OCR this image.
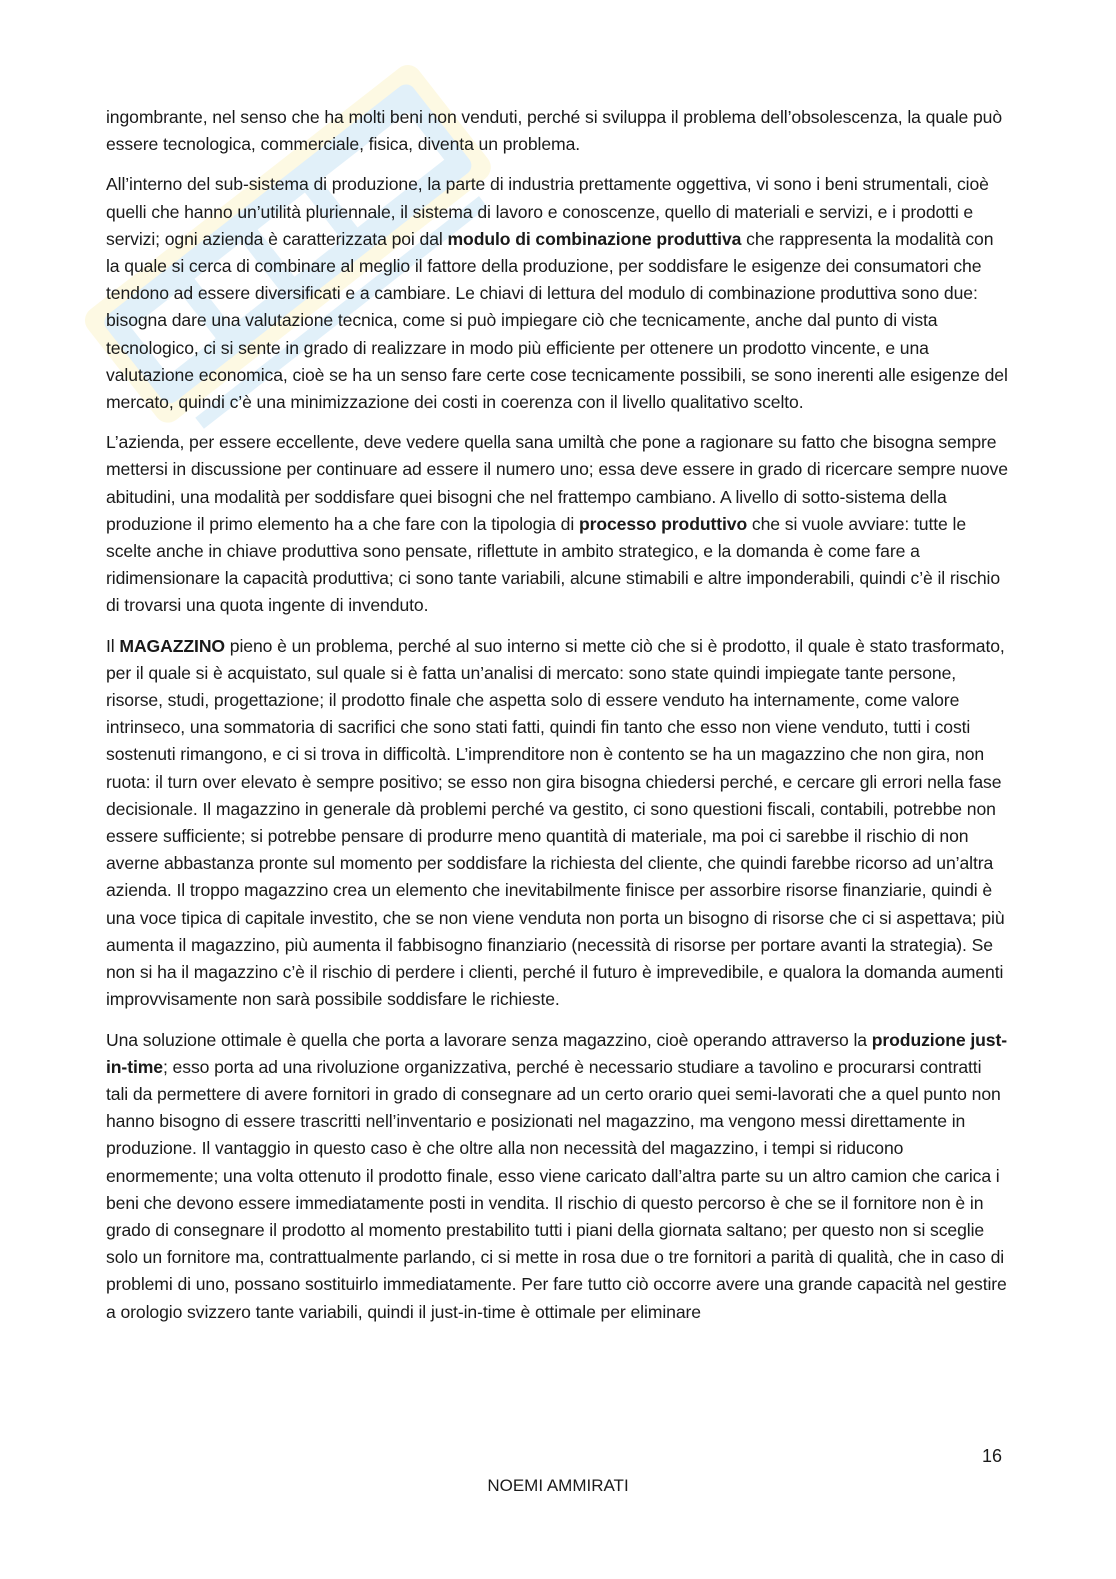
ingombrante, nel senso che ha molti beni non venduti, perché si sviluppa il problema dell’obsolescenza, la quale può essere tecnologica, commerciale, fisica, diventa un problema.

All’interno del sub-sistema di produzione, la parte di industria prettamente oggettiva, vi sono i beni strumentali, cioè quelli che hanno un’utilità pluriennale, il sistema di lavoro e conoscenze, quello di materiali e servizi, e i prodotti e servizi; ogni azienda è caratterizzata poi dal modulo di combinazione produttiva che rappresenta la modalità con la quale si cerca di combinare al meglio il fattore della produzione, per soddisfare le esigenze dei consumatori che tendono ad essere diversificati e a cambiare. Le chiavi di lettura del modulo di combinazione produttiva sono due: bisogna dare una valutazione tecnica, come si può impiegare ciò che tecnicamente, anche dal punto di vista tecnologico, ci si sente in grado di realizzare in modo più efficiente per ottenere un prodotto vincente, e una valutazione economica, cioè se ha un senso fare certe cose tecnicamente possibili, se sono inerenti alle esigenze del mercato, quindi c’è una minimizzazione dei costi in coerenza con il livello qualitativo scelto.

L’azienda, per essere eccellente, deve vedere quella sana umiltà che pone a ragionare su fatto che bisogna sempre mettersi in discussione per continuare ad essere il numero uno; essa deve essere in grado di ricercare sempre nuove abitudini, una modalità per soddisfare quei bisogni che nel frattempo cambiano. A livello di sotto-sistema della produzione il primo elemento ha a che fare con la tipologia di processo produttivo che si vuole avviare: tutte le scelte anche in chiave produttiva sono pensate, riflettute in ambito strategico, e la domanda è come fare a ridimensionare la capacità produttiva; ci sono tante variabili, alcune stimabili e altre imponderabili, quindi c’è il rischio di trovarsi una quota ingente di invenduto.

Il MAGAZZINO pieno è un problema, perché al suo interno si mette ciò che si è prodotto, il quale è stato trasformato, per il quale si è acquistato, sul quale si è fatta un’analisi di mercato: sono state quindi impiegate tante persone, risorse, studi, progettazione; il prodotto finale che aspetta solo di essere venduto ha internamente, come valore intrinseco, una sommatoria di sacrifici che sono stati fatti, quindi fin tanto che esso non viene venduto, tutti i costi sostenuti rimangono, e ci si trova in difficoltà. L’imprenditore non è contento se ha un magazzino che non gira, non ruota: il turn over elevato è sempre positivo; se esso non gira bisogna chiedersi perché, e cercare gli errori nella fase decisionale. Il magazzino in generale dà problemi perché va gestito, ci sono questioni fiscali, contabili, potrebbe non essere sufficiente; si potrebbe pensare di produrre meno quantità di materiale, ma poi ci sarebbe il rischio di non averne abbastanza pronte sul momento per soddisfare la richiesta del cliente, che quindi farebbe ricorso ad un’altra azienda. Il troppo magazzino crea un elemento che inevitabilmente finisce per assorbire risorse finanziarie, quindi è una voce tipica di capitale investito, che se non viene venduta non porta un bisogno di risorse che ci si aspettava; più aumenta il magazzino, più aumenta il fabbisogno finanziario (necessità di risorse per portare avanti la strategia). Se non si ha il magazzino c’è il rischio di perdere i clienti, perché il futuro è imprevedibile, e qualora la domanda aumenti improvvisamente non sarà possibile soddisfare le richieste.

Una soluzione ottimale è quella che porta a lavorare senza magazzino, cioè operando attraverso la produzione just-in-time; esso porta ad una rivoluzione organizzativa, perché è necessario studiare a tavolino e procurarsi contratti tali da permettere di avere fornitori in grado di consegnare ad un certo orario quei semi-lavorati che a quel punto non hanno bisogno di essere trascritti nell’inventario e posizionati nel magazzino, ma vengono messi direttamente in produzione. Il vantaggio in questo caso è che oltre alla non necessità del magazzino, i tempi si riducono enormemente; una volta ottenuto il prodotto finale, esso viene caricato dall’altra parte su un altro camion che carica i beni che devono essere immediatamente posti in vendita. Il rischio di questo percorso è che se il fornitore non è in grado di consegnare il prodotto al momento prestabilito tutti i piani della giornata saltano; per questo non si sceglie solo un fornitore ma, contrattualmente parlando, ci si mette in rosa due o tre fornitori a parità di qualità, che in caso di problemi di uno, possano sostituirlo immediatamente. Per fare tutto ciò occorre avere una grande capacità nel gestire a orologio svizzero tante variabili, quindi il just-in-time è ottimale per eliminare

16
NOEMI AMMIRATI
